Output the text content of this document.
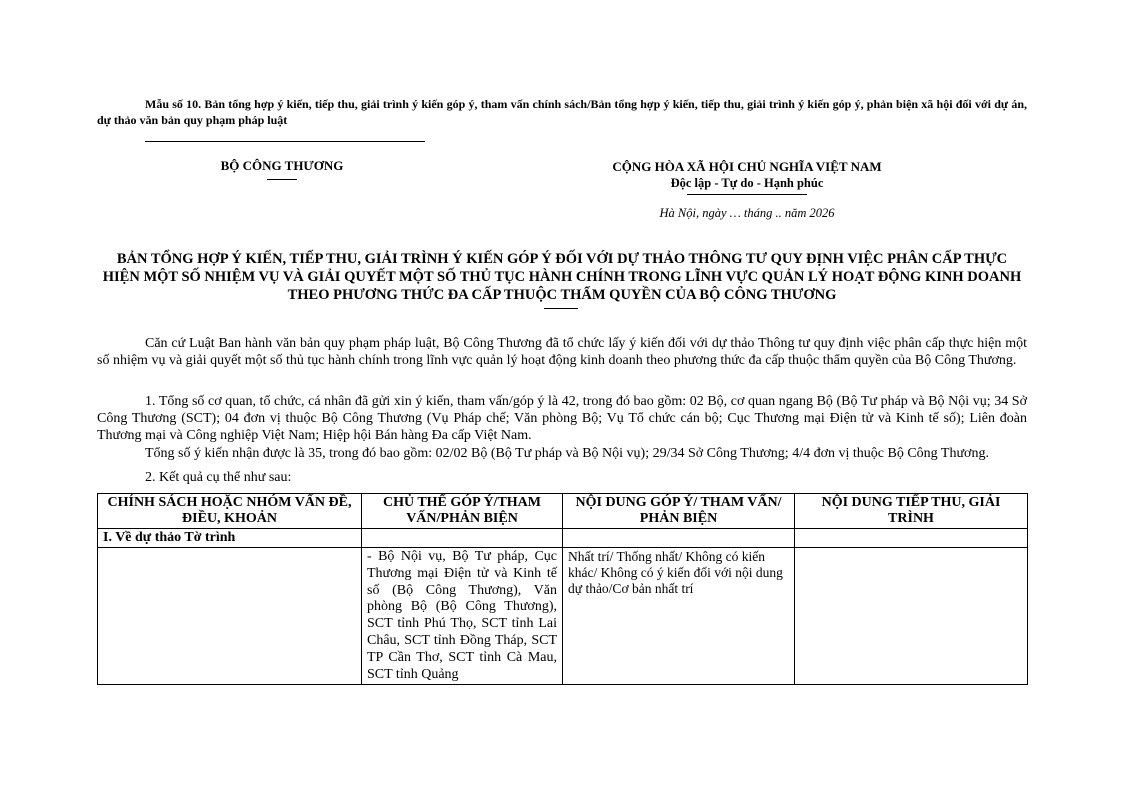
Mẫu số 10. Bản tổng hợp ý kiến, tiếp thu, giải trình ý kiến góp ý, tham vấn chính sách/Bản tổng hợp ý kiến, tiếp thu, giải trình ý kiến góp ý, phản biện xã hội đối với dự án, dự thảo văn bản quy phạm pháp luật
BỘ CÔNG THƯƠNG	CỘNG HÒA XÃ HỘI CHỦ NGHĨA VIỆT NAM
Độc lập - Tự do - Hạnh phúc
Hà Nội, ngày … tháng .. năm 2026
BẢN TỔNG HỢP Ý KIẾN, TIẾP THU, GIẢI TRÌNH Ý KIẾN GÓP Ý ĐỐI VỚI DỰ THẢO THÔNG TƯ QUY ĐỊNH VIỆC PHÂN CẤP THỰC HIỆN MỘT SỐ NHIỆM VỤ VÀ GIẢI QUYẾT MỘT SỐ THỦ TỤC HÀNH CHÍNH TRONG LĨNH VỰC QUẢN LÝ HOẠT ĐỘNG KINH DOANH THEO PHƯƠNG THỨC ĐA CẤP THUỘC THẨM QUYỀN CỦA BỘ CÔNG THƯƠNG
Căn cứ Luật Ban hành văn bản quy phạm pháp luật, Bộ Công Thương đã tổ chức lấy ý kiến đối với dự thảo Thông tư quy định việc phân cấp thực hiện một số nhiệm vụ và giải quyết một số thủ tục hành chính trong lĩnh vực quản lý hoạt động kinh doanh theo phương thức đa cấp thuộc thẩm quyền của Bộ Công Thương.
1. Tổng số cơ quan, tổ chức, cá nhân đã gửi xin ý kiến, tham vấn/góp ý là 42, trong đó bao gồm: 02 Bộ, cơ quan ngang Bộ (Bộ Tư pháp và Bộ Nội vụ; 34 Sở Công Thương (SCT); 04 đơn vị thuộc Bộ Công Thương (Vụ Pháp chế; Văn phòng Bộ; Vụ Tổ chức cán bộ; Cục Thương mại Điện tử và Kinh tế số); Liên đoàn Thương mại và Công nghiệp Việt Nam; Hiệp hội Bán hàng Đa cấp Việt Nam.
Tổng số ý kiến nhận được là 35, trong đó bao gồm: 02/02 Bộ (Bộ Tư pháp và Bộ Nội vụ); 29/34 Sở Công Thương; 4/4 đơn vị thuộc Bộ Công Thương.
2. Kết quả cụ thể như sau:
CHÍNH SÁCH HOẶC NHÓM VẤN ĐỀ, ĐIỀU, KHOẢN	CHỦ THỂ GÓP Ý/THAM VẤN/PHẢN BIỆN	NỘI DUNG GÓP Ý/ THAM VẤN/ PHẢN BIỆN	NỘI DUNG TIẾP THU, GIẢI TRÌNH
I. Về dự thảo Tờ trình			
	- Bộ Nội vụ, Bộ Tư pháp, Cục Thương mại Điện tử và Kinh tế số (Bộ Công Thương), Văn phòng Bộ (Bộ Công Thương), SCT tỉnh Phú Thọ, SCT tỉnh Lai Châu, SCT tỉnh Đồng Tháp, SCT TP Cần Thơ, SCT tỉnh Cà Mau, SCT tỉnh Quảng	Nhất trí/ Thống nhất/ Không có kiến khác/ Không có ý kiến đối với nội dung dự thảo/Cơ bản nhất trí	
